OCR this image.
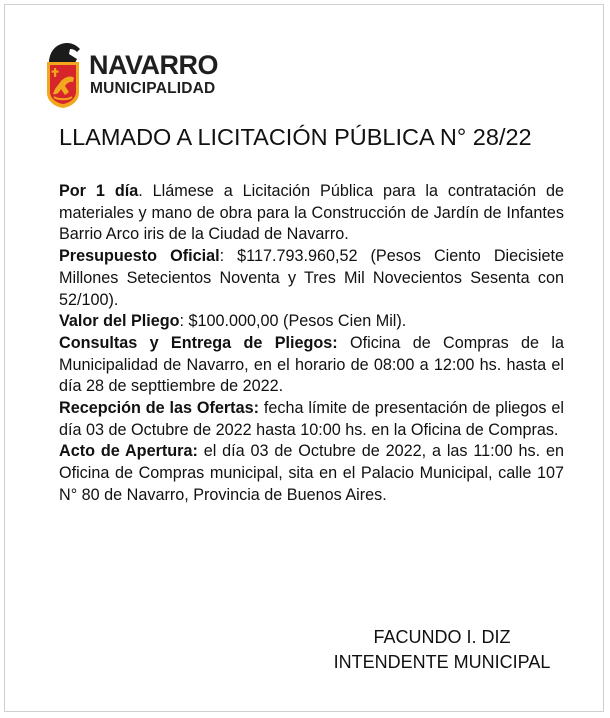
NAVARRO
MUNICIPALIDAD
LLAMADO A LICITACIÓN PÚBLICA N° 28/22

Por 1 día. Llámese a Licitación Pública para la contratación de materiales y mano de obra para la Construcción de Jardín de Infantes Barrio Arco iris de la Ciudad de Navarro.

Presupuesto Oficial: $117.793.960,52 (Pesos Ciento Diecisiete Millones Setecientos Noventa y Tres Mil Novecientos Sesenta con 52/100).

Valor del Pliego: $100.000,00 (Pesos Cien Mil).

Consultas y Entrega de Pliegos: Oficina de Compras de la Municipalidad de Navarro, en el horario de 08:00 a 12:00 hs. hasta el día 28 de septtiembre de 2022.

Recepción de las Ofertas: fecha límite de presentación de pliegos el día 03 de Octubre de 2022 hasta 10:00 hs. en la Oficina de Compras.

Acto de Apertura: el día 03 de Octubre de 2022, a las 11:00 hs. en Oficina de Compras municipal, sita en el Palacio Municipal, calle 107 N° 80 de Navarro, Provincia de Buenos Aires.

FACUNDO I. DIZ
INTENDENTE MUNICIPAL
